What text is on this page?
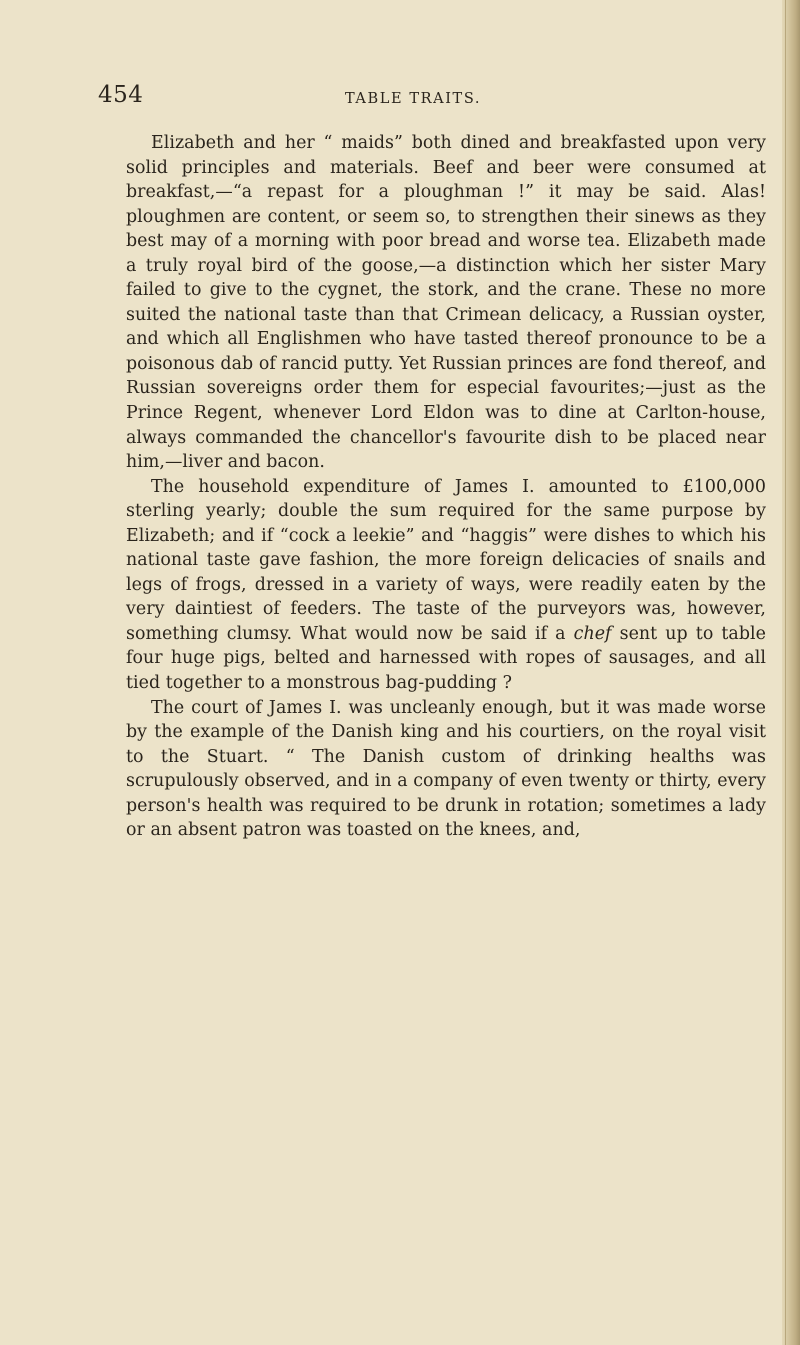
454	TABLE TRAITS.

Elizabeth and her “ maids” both dined and breakfasted upon very solid principles and materials. Beef and beer were consumed at breakfast,—“a repast for a ploughman !” it may be said. Alas! ploughmen are content, or seem so, to strengthen their sinews as they best may of a morning with poor bread and worse tea. Elizabeth made a truly royal bird of the goose,—a distinction which her sister Mary failed to give to the cygnet, the stork, and the crane. These no more suited the national taste than that Crimean delicacy, a Russian oyster, and which all Englishmen who have tasted thereof pronounce to be a poisonous dab of rancid putty. Yet Russian princes are fond thereof, and Russian sovereigns order them for especial favourites;—just as the Prince Regent, whenever Lord Eldon was to dine at Carlton-house, always commanded the chancellor's favourite dish to be placed near him,—liver and bacon.

The household expenditure of James I. amounted to £100,000 sterling yearly; double the sum required for the same purpose by Elizabeth; and if “cock a leekie” and “haggis” were dishes to which his national taste gave fashion, the more foreign delicacies of snails and legs of frogs, dressed in a variety of ways, were readily eaten by the very daintiest of feeders. The taste of the purveyors was, however, something clumsy. What would now be said if a chef sent up to table four huge pigs, belted and harnessed with ropes of sausages, and all tied together to a monstrous bag-pudding ?

The court of James I. was uncleanly enough, but it was made worse by the example of the Danish king and his courtiers, on the royal visit to the Stuart. “ The Danish custom of drinking healths was scrupulously observed, and in a company of even twenty or thirty, every person's health was required to be drunk in rotation; sometimes a lady or an absent patron was toasted on the knees, and,
